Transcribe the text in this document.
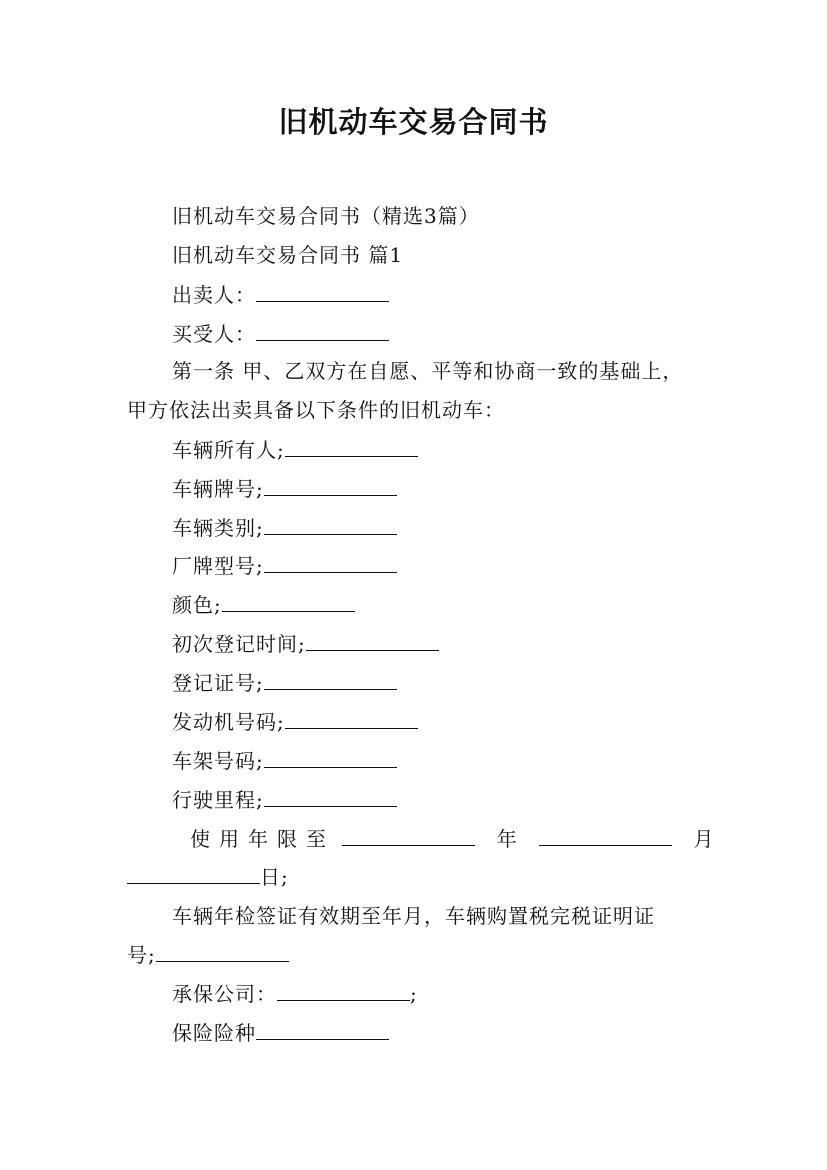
旧机动车交易合同书
旧机动车交易合同书（精选3篇）
旧机动车交易合同书 篇1
出卖人：
买受人：
第一条 甲、乙双方在自愿、平等和协商一致的基础上，
甲方依法出卖具备以下条件的旧机动车：
车辆所有人;
车辆牌号;
车辆类别;
厂牌型号;
颜色;
初次登记时间;
登记证号;
发动机号码;
车架号码;
行驶里程;
使用年限至	年	月
日;
车辆年检签证有效期至年月，车辆购置税完税证明证
号;
承保公司：	;
保险险种
